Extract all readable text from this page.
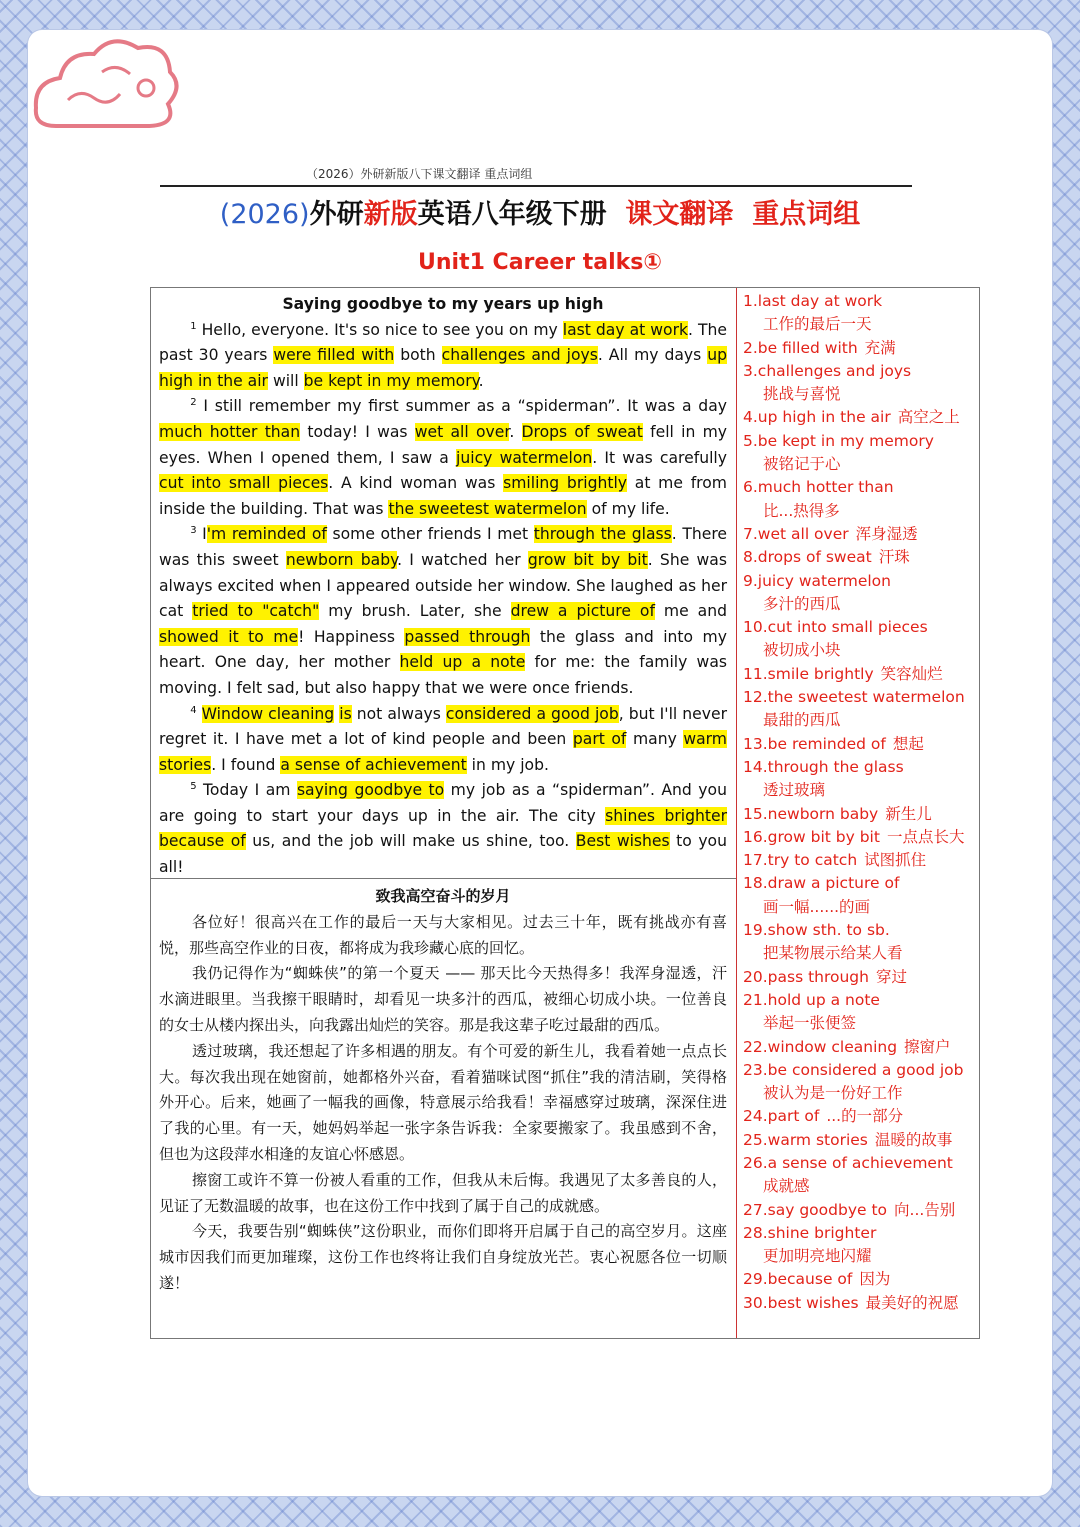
（2026）外研新版八下课文翻译 重点词组
(2026)外研新版英语八年级下册 课文翻译 重点词组
Unit1 Career talks①
Saying goodbye to my years up high

$^1$ Hello, everyone. It's so nice to see you on my last day at work. The past 30 years were filled with both challenges and joys. All my days up high in the air will be kept in my memory.

$^2$ I still remember my first summer as a “spiderman”. It was a day much hotter than today! I was wet all over. Drops of sweat fell in my eyes. When I opened them, I saw a juicy watermelon. It was carefully cut into small pieces. A kind woman was smiling brightly at me from inside the building. That was the sweetest watermelon of my life.

$^3$ I'm reminded of some other friends I met through the glass. There was this sweet newborn baby. I watched her grow bit by bit. She was always excited when I appeared outside her window. She laughed as her cat tried to "catch" my brush. Later, she drew a picture of me and showed it to me! Happiness passed through the glass and into my heart. One day, her mother held up a note for me: the family was moving. I felt sad, but also happy that we were once friends.

$^4$ Window cleaning is not always considered a good job, but I'll never regret it. I have met a lot of kind people and been part of many warm stories. I found a sense of achievement in my job.

$^5$ Today I am saying goodbye to my job as a “spiderman”. And you are going to start your days up in the air. The city shines brighter because of us, and the job will make us shine, too. Best wishes to you all!

致我高空奋斗的岁月

各位好！很高兴在工作的最后一天与大家相见。过去三十年，既有挑战亦有喜悦，那些高空作业的日夜，都将成为我珍藏心底的回忆。

我仍记得作为“蜘蛛侠”的第一个夏天 —— 那天比今天热得多！我浑身湿透，汗水滴进眼里。当我擦干眼睛时，却看见一块多汁的西瓜，被细心切成小块。一位善良的女士从楼内探出头，向我露出灿烂的笑容。那是我这辈子吃过最甜的西瓜。

透过玻璃，我还想起了许多相遇的朋友。有个可爱的新生儿，我看着她一点点长大。每次我出现在她窗前，她都格外兴奋，看着猫咪试图“抓住”我的清洁刷，笑得格外开心。后来，她画了一幅我的画像，特意展示给我看！幸福感穿过玻璃，深深住进了我的心里。有一天，她妈妈举起一张字条告诉我：全家要搬家了。我虽感到不舍，但也为这段萍水相逢的友谊心怀感恩。

擦窗工或许不算一份被人看重的工作，但我从未后悔。我遇见了太多善良的人，见证了无数温暖的故事，也在这份工作中找到了属于自己的成就感。

今天，我要告别“蜘蛛侠”这份职业，而你们即将开启属于自己的高空岁月。这座城市因我们而更加璀璨，这份工作也终将让我们自身绽放光芒。衷心祝愿各位一切顺遂！

1.last day at work
工作的最后一天
2.be filled with 充满
3.challenges and joys
挑战与喜悦
4.up high in the air 高空之上
5.be kept in my memory
被铭记于心
6.much hotter than
比...热得多
7.wet all over 浑身湿透
8.drops of sweat 汗珠
9.juicy watermelon
多汁的西瓜
10.cut into small pieces
被切成小块
11.smile brightly 笑容灿烂
12.the sweetest watermelon
最甜的西瓜
13.be reminded of 想起
14.through the glass
透过玻璃
15.newborn baby 新生儿
16.grow bit by bit 一点点长大
17.try to catch 试图抓住
18.draw a picture of
画一幅......的画
19.show sth. to sb.
把某物展示给某人看
20.pass through 穿过
21.hold up a note
举起一张便签
22.window cleaning 擦窗户
23.be considered a good job
被认为是一份好工作
24.part of ...的一部分
25.warm stories 温暖的故事
26.a sense of achievement
成就感
27.say goodbye to 向...告别
28.shine brighter
更加明亮地闪耀
29.because of 因为
30.best wishes 最美好的祝愿
